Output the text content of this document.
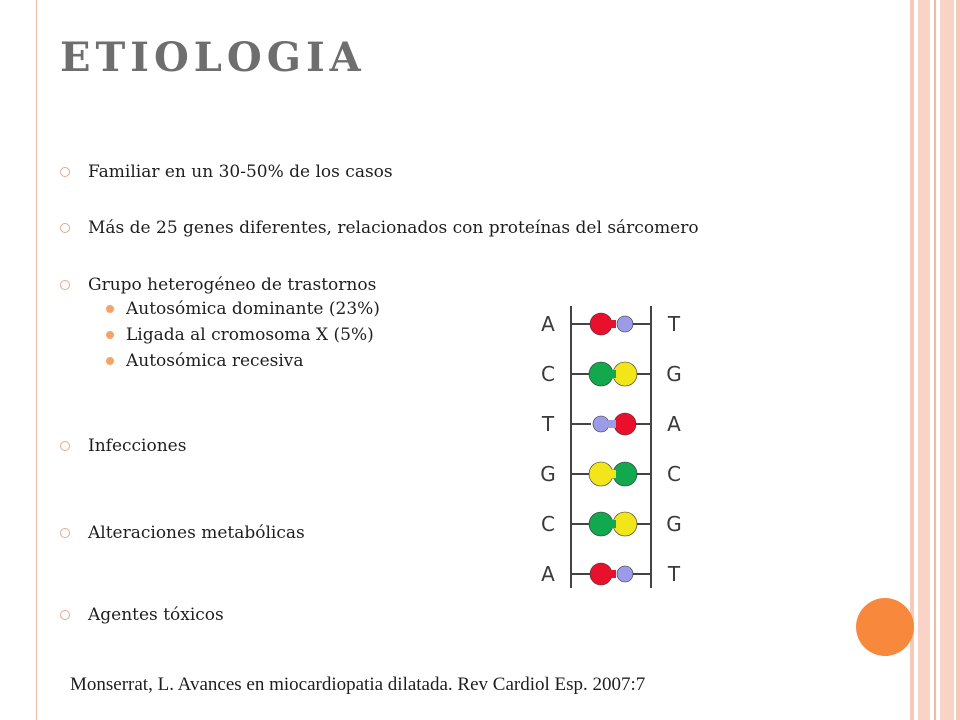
ETIOLOGIA
Familiar en un 30-50% de los casos
Más de 25 genes diferentes, relacionados con proteínas del sárcomero
Grupo heterogéneo de trastornos
Autosómica dominante (23%)
Ligada al cromosoma X (5%)
Autosómica recesiva
Infecciones
Alteraciones metabólicas
Agentes tóxicos
A	T
C	G
T	A
G	C
C	G
A	T
Monserrat, L. Avances en miocardiopatia dilatada. Rev Cardiol Esp. 2007:7
